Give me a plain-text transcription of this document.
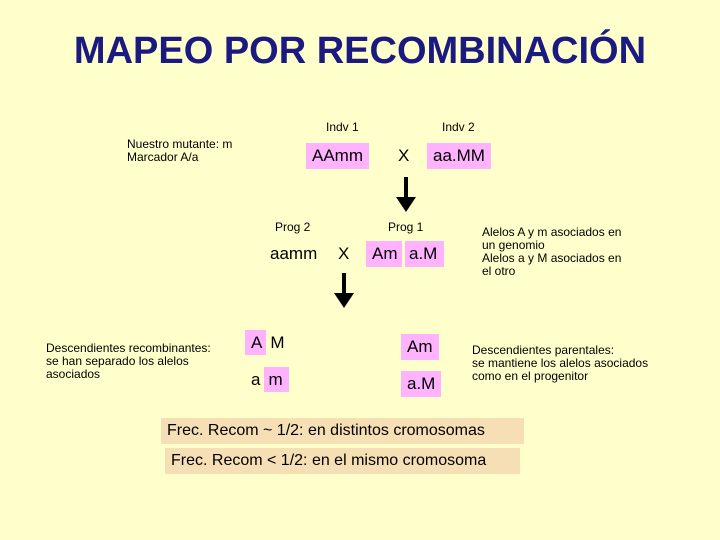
MAPEO POR RECOMBINACIÓN
Nuestro mutante: m
Marcador A/a
Indv 1	Indv 2
AAmm	X	aa.MM
Prog 2	Prog 1
aamm X	Am a.M
Alelos A y m asociados en
un genomio
Alelos a y M asociados en
el otro
Descendientes recombinantes:
se han separado los alelos
asociados
A M
a m
Am
a.M
Descendientes parentales:
se mantiene los alelos asociados
como en el progenitor
Frec. Recom ~ 1/2: en distintos cromosomas
Frec. Recom < 1/2: en el mismo cromosoma
